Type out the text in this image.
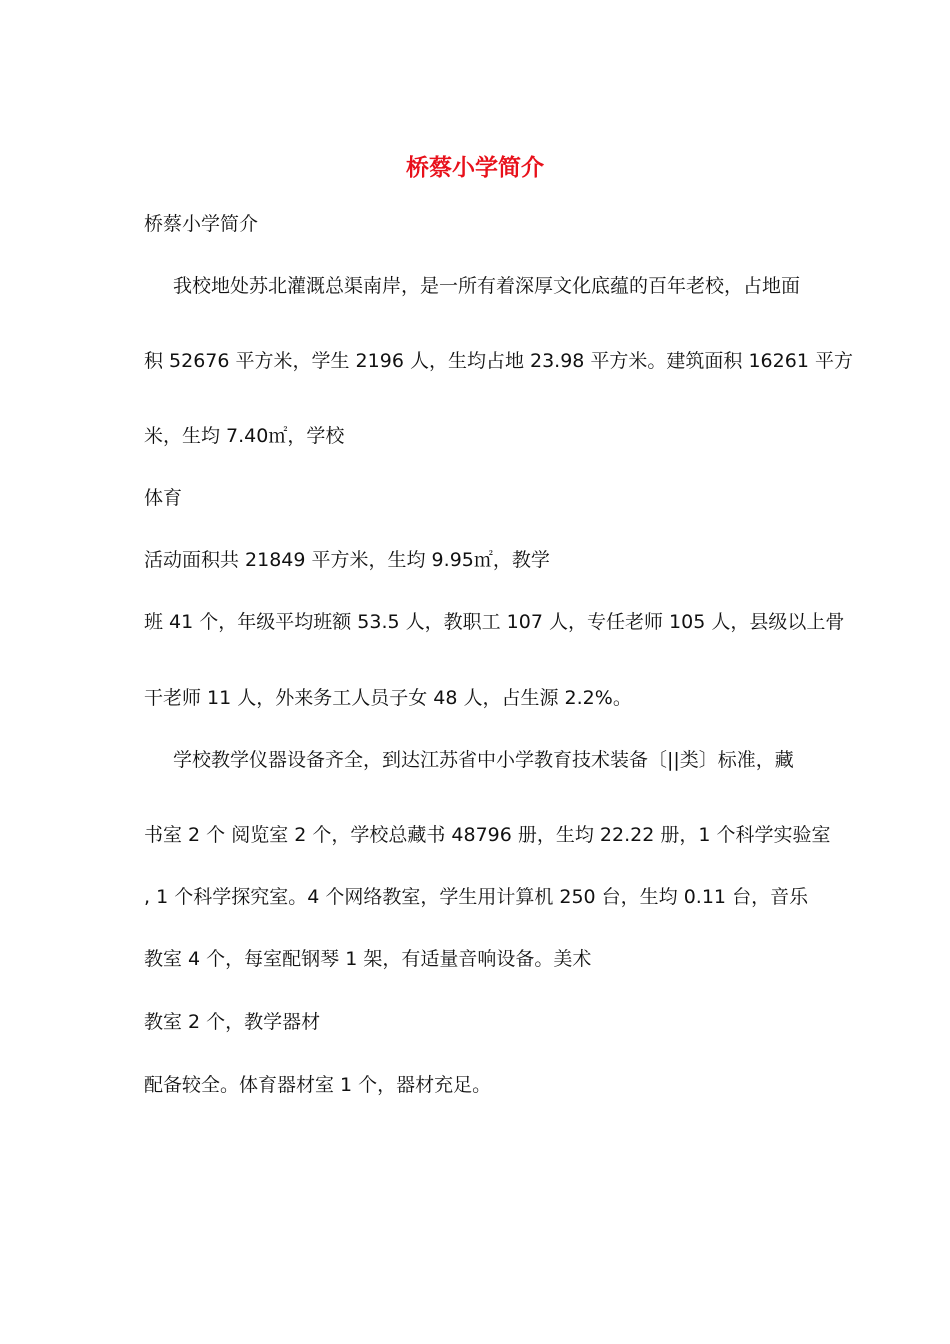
桥蔡小学简介

桥蔡小学简介

我校地处苏北灌溉总渠南岸，是一所有着深厚文化底蕴的百年老校，占地面

积 52676 平方米，学生 2196 人，生均占地 23.98 平方米。建筑面积 16261 平方

米，生均 7.40㎡，学校

体育

活动面积共 21849 平方米，生均 9.95㎡，教学

班 41 个，年级平均班额 53.5 人，教职工 107 人，专任老师 105 人，县级以上骨

干老师 11 人，外来务工人员子女 48 人，占生源 2.2%。

学校教学仪器设备齐全，到达江苏省中小学教育技术装备〔||类〕标准，藏

书室 2 个 阅览室 2 个，学校总藏书 48796 册，生均 22.22 册，1 个科学实验室

, 1 个科学探究室。4 个网络教室，学生用计算机 250 台，生均 0.11 台，音乐

教室 4 个，每室配钢琴 1 架，有适量音响设备。美术

教室 2 个，教学器材

配备较全。体育器材室 1 个，器材充足。
